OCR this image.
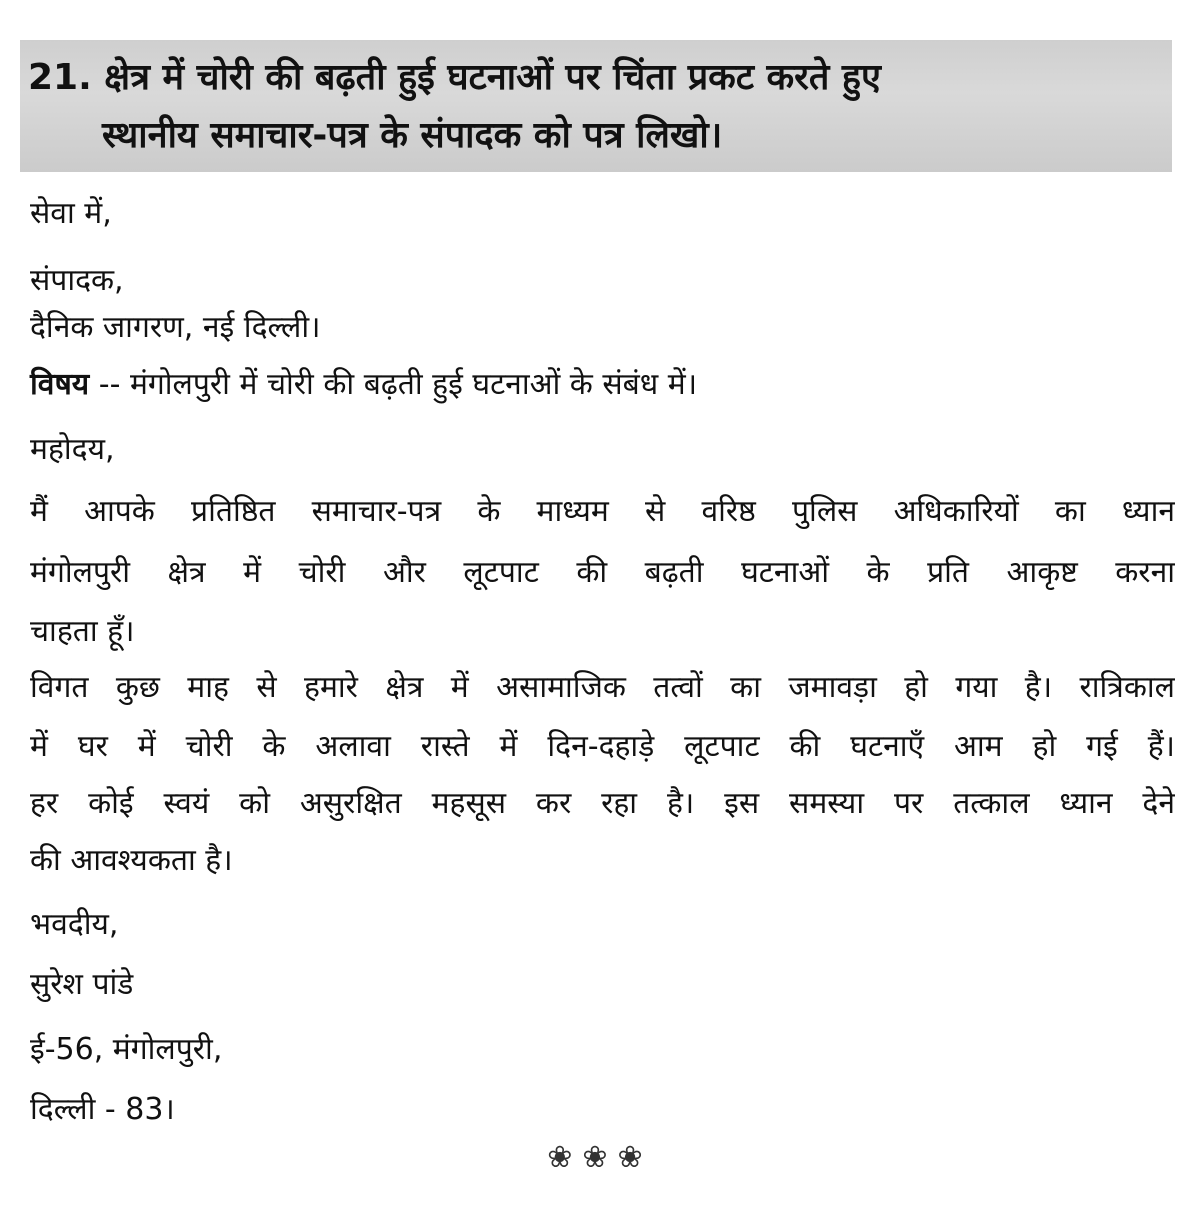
21. क्षेत्र में चोरी की बढ़ती हुई घटनाओं पर चिंता प्रकट करते हुए
स्थानीय समाचार-पत्र के संपादक को पत्र लिखो।
सेवा में,
संपादक,
दैनिक जागरण, नई दिल्ली।
विषय -- मंगोलपुरी में चोरी की बढ़ती हुई घटनाओं के संबंध में।
महोदय,
मैं आपके प्रतिष्ठित समाचार-पत्र के माध्यम से वरिष्ठ पुलिस अधिकारियों का ध्यान
मंगोलपुरी क्षेत्र में चोरी और लूटपाट की बढ़ती घटनाओं के प्रति आकृष्ट करना
चाहता हूँ।
विगत कुछ माह से हमारे क्षेत्र में असामाजिक तत्वों का जमावड़ा हो गया है। रात्रिकाल
में घर में चोरी के अलावा रास्ते में दिन-दहाड़े लूटपाट की घटनाएँ आम हो गई हैं।
हर कोई स्वयं को असुरक्षित महसूस कर रहा है। इस समस्या पर तत्काल ध्यान देने
की आवश्यकता है।
भवदीय,
सुरेश पांडे
ई-56, मंगोलपुरी,
दिल्ली - 83।
❀❀❀
